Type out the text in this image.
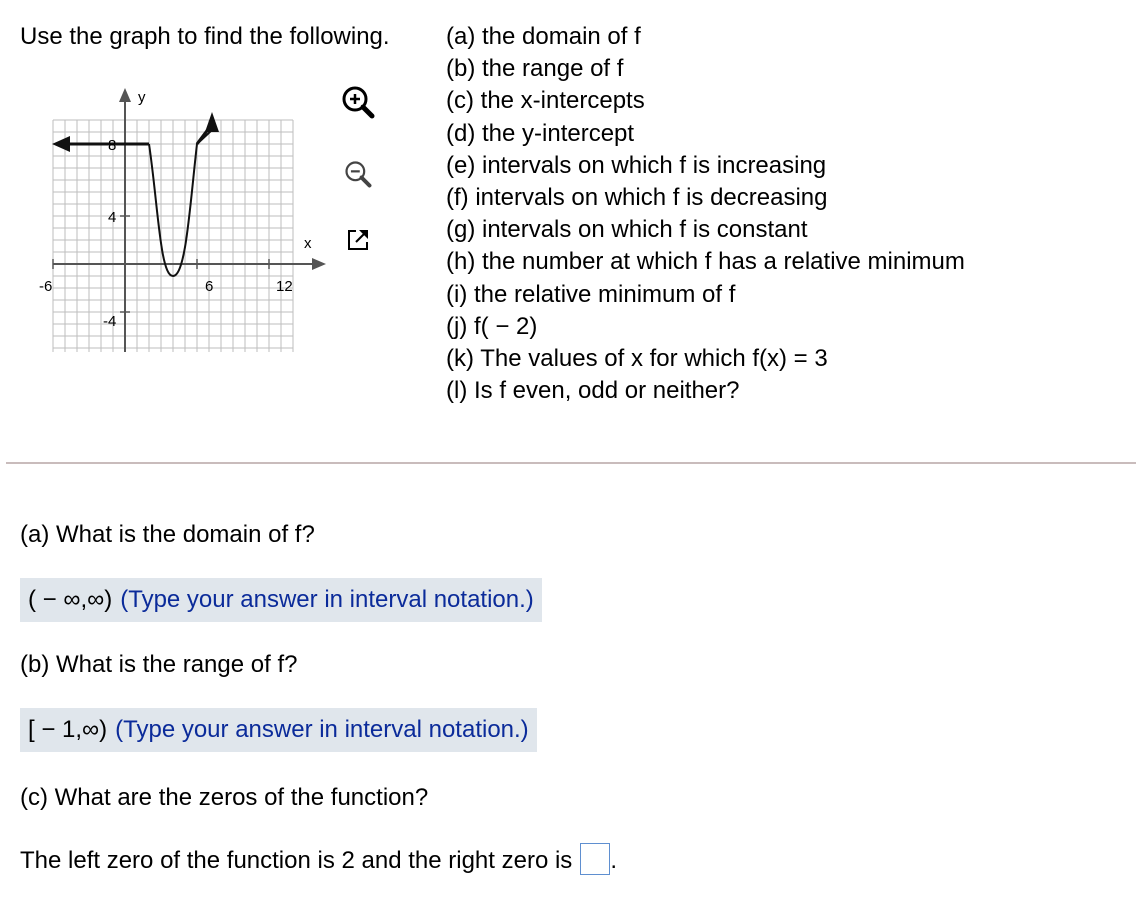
Use the graph to find the following.

y
x
-6	6	12
8
4
-4
(a) the domain of f
(b) the range of f
(c) the x-intercepts
(d) the y-intercept
(e) intervals on which f is increasing
(f) intervals on which f is decreasing
(g) intervals on which f is constant
(h) the number at which f has a relative minimum
(i) the relative minimum of f
(j) f( − 2)
(k) The values of x for which f(x) = 3
(l) Is f even, odd or neither?
(a) What is the domain of f?
( − ∞,∞) (Type your answer in interval notation.)
(b) What is the range of f?
[ − 1,∞) (Type your answer in interval notation.)
(c) What are the zeros of the function?
The left zero of the function is 2 and the right zero is .
